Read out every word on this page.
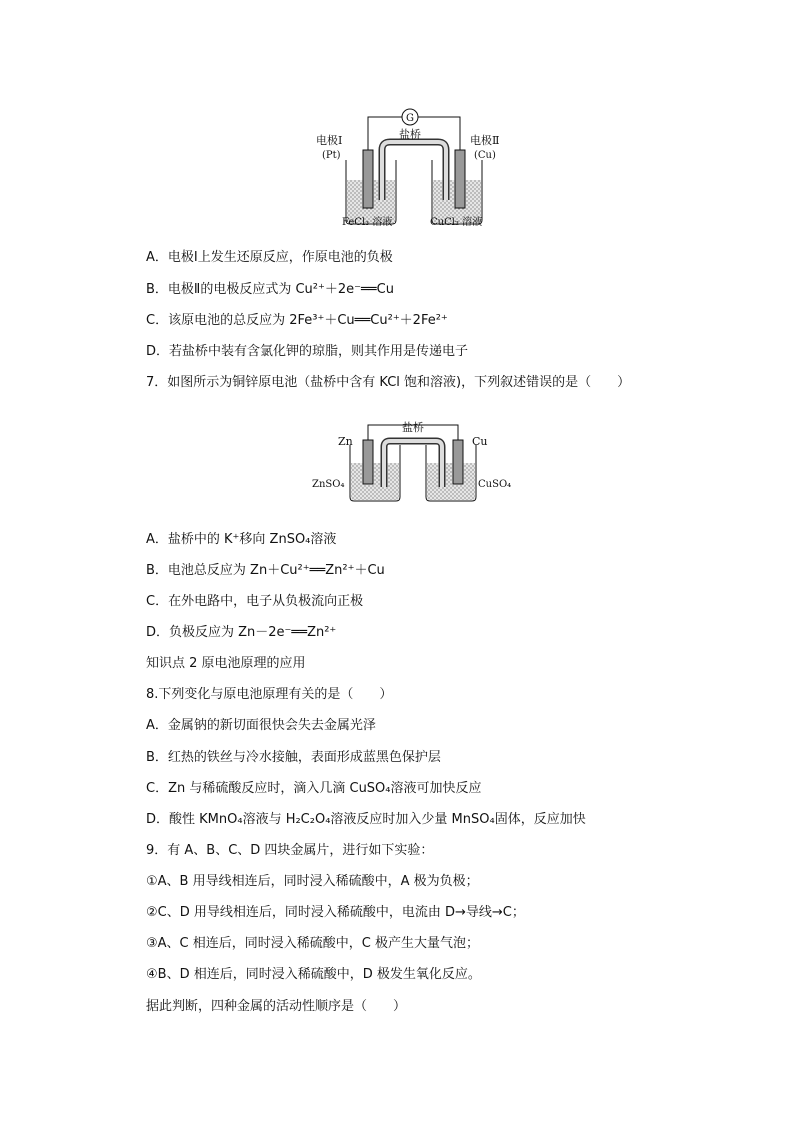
G
盐桥
电极Ⅰ
(Pt)
电极Ⅱ
(Cu)
FeCl₃ 溶液	CuCl₂ 溶液
A．电极Ⅰ上发生还原反应，作原电池的负极
B．电极Ⅱ的电极反应式为 Cu²⁺＋2e⁻══Cu
C．该原电池的总反应为 2Fe³⁺＋Cu══Cu²⁺＋2Fe²⁺
D．若盐桥中装有含氯化钾的琼脂，则其作用是传递电子
7．如图所示为铜锌原电池（盐桥中含有 KCl 饱和溶液)，下列叙述错误的是（　　）
盐桥
Zn	Cu
ZnSO₄	CuSO₄
A．盐桥中的 K⁺移向 ZnSO₄溶液
B．电池总反应为 Zn＋Cu²⁺══Zn²⁺＋Cu
C．在外电路中，电子从负极流向正极
D．负极反应为 Zn－2e⁻══Zn²⁺
知识点 2 原电池原理的应用
8.下列变化与原电池原理有关的是（　　）
A．金属钠的新切面很快会失去金属光泽
B．红热的铁丝与冷水接触，表面形成蓝黑色保护层
C．Zn 与稀硫酸反应时，滴入几滴 CuSO₄溶液可加快反应
D．酸性 KMnO₄溶液与 H₂C₂O₄溶液反应时加入少量 MnSO₄固体，反应加快
9．有 A、B、C、D 四块金属片，进行如下实验：
①A、B 用导线相连后，同时浸入稀硫酸中，A 极为负极；
②C、D 用导线相连后，同时浸入稀硫酸中，电流由 D→导线→C；
③A、C 相连后，同时浸入稀硫酸中，C 极产生大量气泡；
④B、D 相连后，同时浸入稀硫酸中，D 极发生氧化反应。
据此判断，四种金属的活动性顺序是（　　）
